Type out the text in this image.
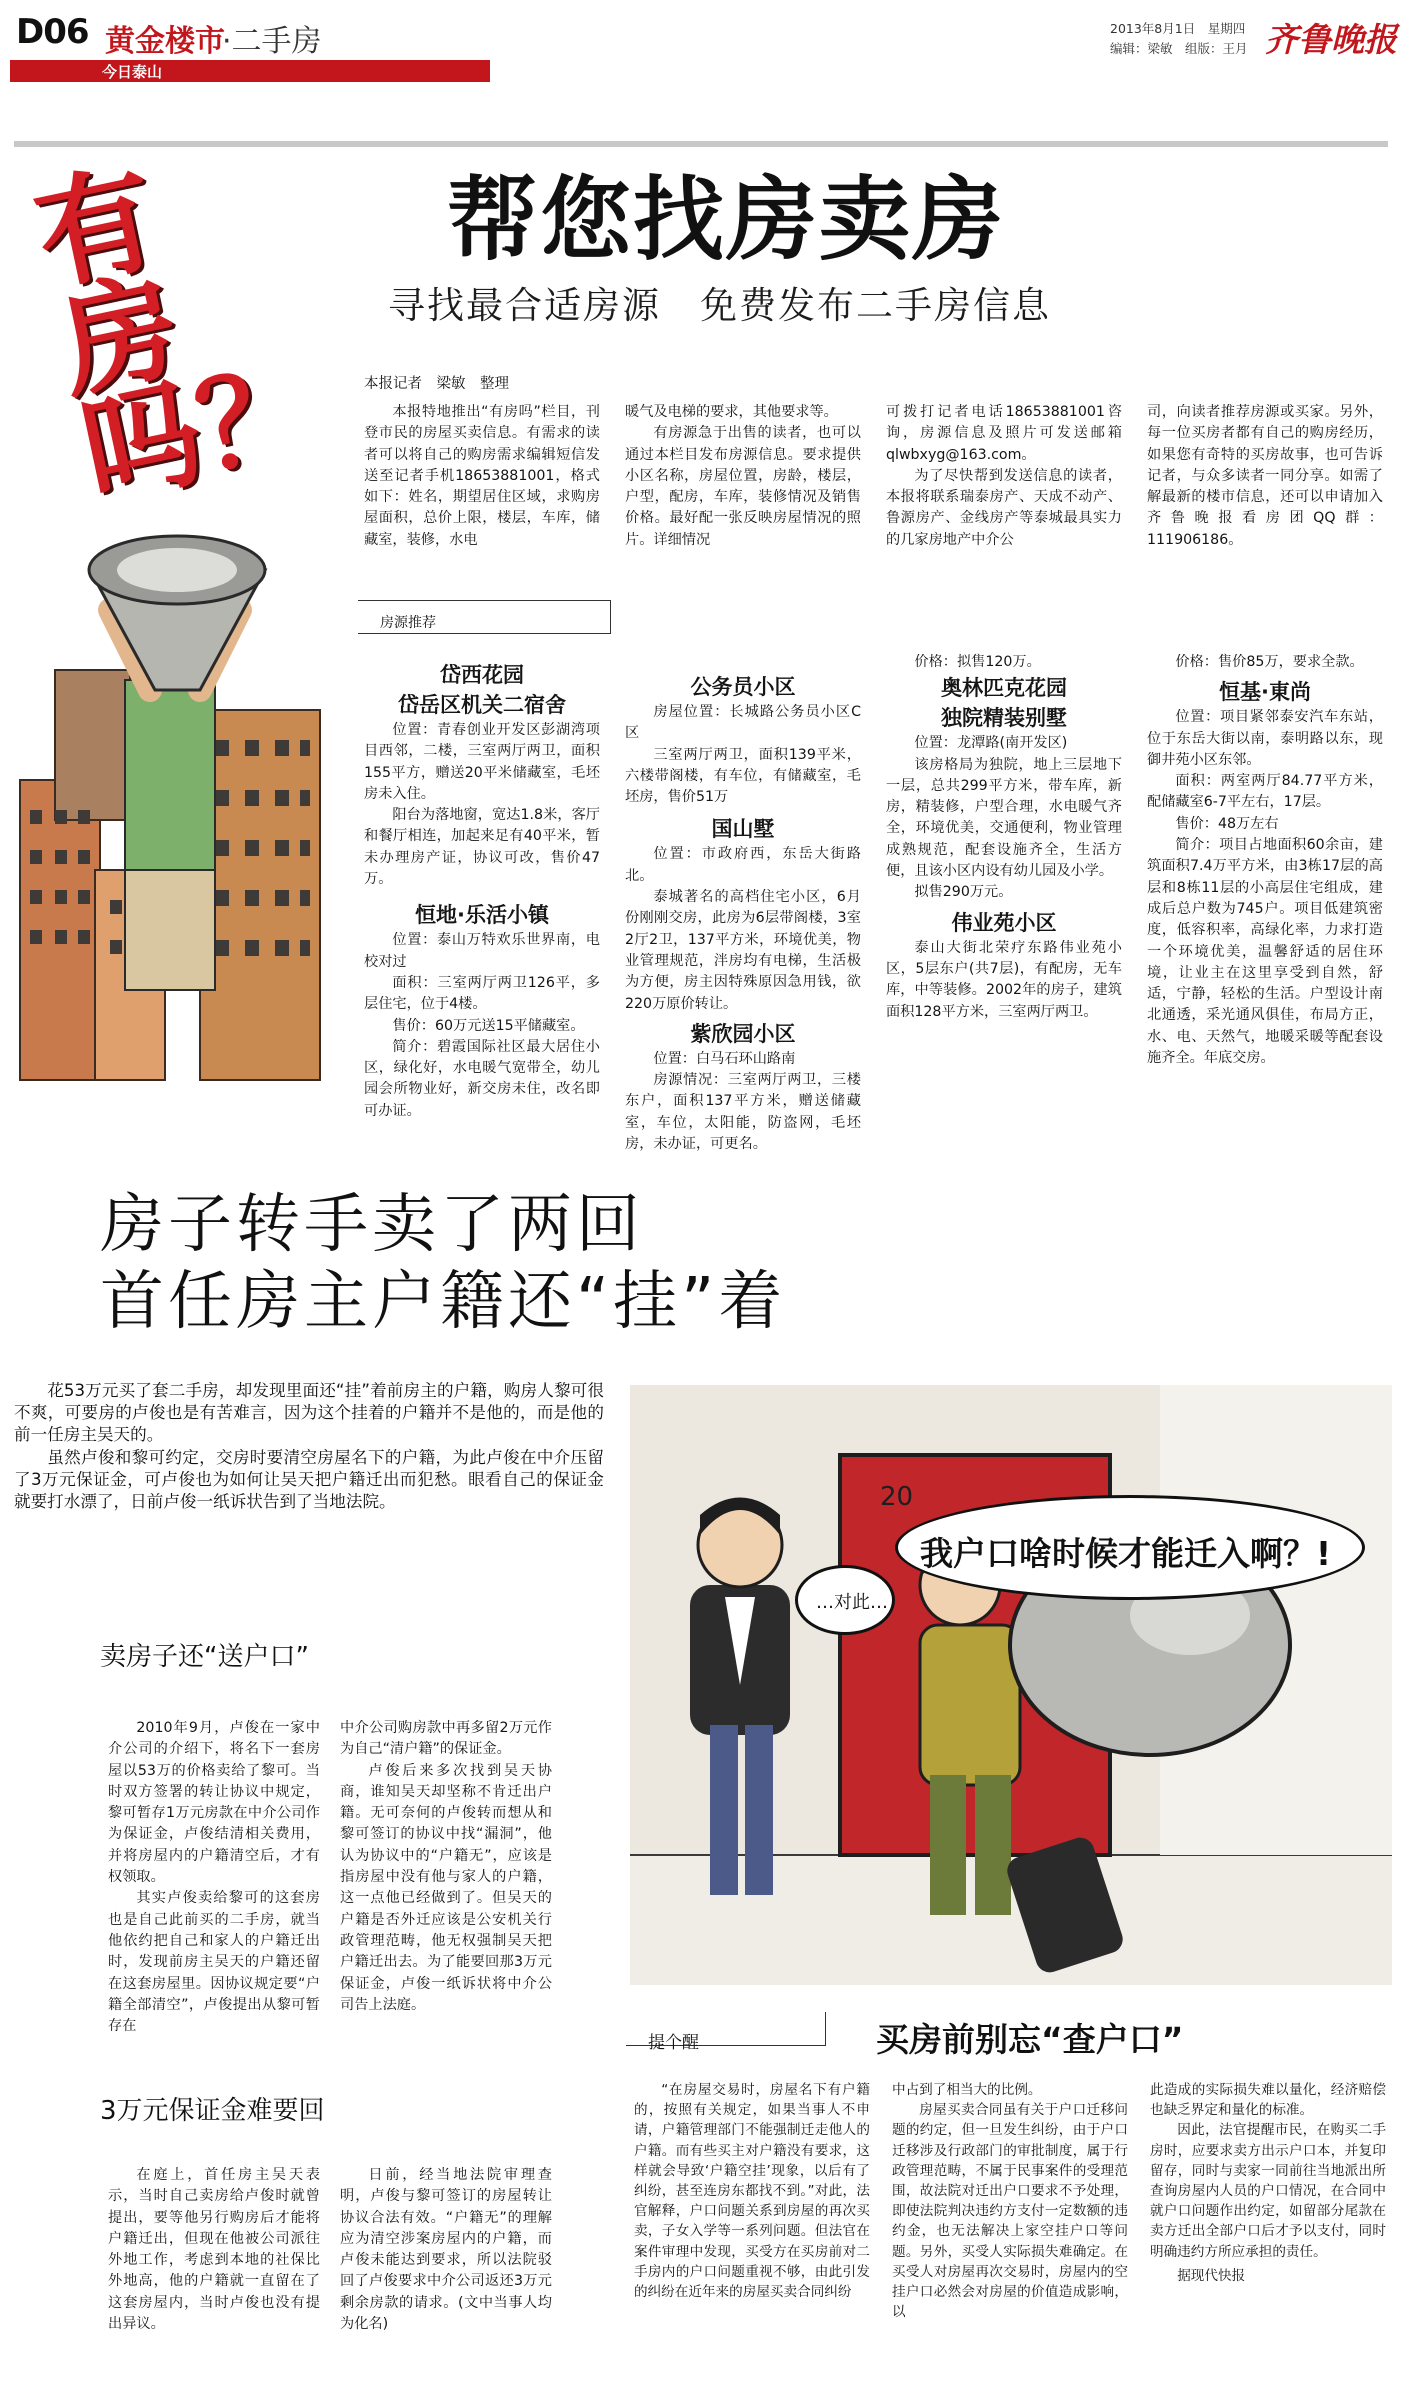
D06 黄金楼市
·二手房
今日泰山
2013年8月1日　星期四
编辑：梁敏　组版：王月 齐鲁晚报
有房吗？
帮您找房卖房
寻找最合适房源　免费发布二手房信息
本报记者　梁敏　整理

本报特地推出“有房吗”栏目，刊登市民的房屋买卖信息。有需求的读者可以将自己的购房需求编辑短信发送至记者手机18653881001，格式如下：姓名，期望居住区域，求购房屋面积，总价上限，楼层，车库，储藏室，装修，水电

暖气及电梯的要求，其他要求等。

有房源急于出售的读者，也可以通过本栏目发布房源信息。要求提供小区名称，房屋位置，房龄，楼层，户型，配房，车库，装修情况及销售价格。最好配一张反映房屋情况的照片。详细情况

可拨打记者电话18653881001咨询，房源信息及照片可发送邮箱qlwbxyg@163.com。

为了尽快帮到发送信息的读者，本报将联系瑞泰房产、天成不动产、鲁源房产、金线房产等泰城最具实力的几家房地产中介公

司，向读者推荐房源或买家。另外，每一位买房者都有自己的购房经历，如果您有奇特的买房故事，也可告诉记者，与众多读者一同分享。如需了解最新的楼市信息，还可以申请加入齐鲁晚报看房团QQ群：111906186。

房源推荐
岱西花园
岱岳区机关二宿舍

位置：青春创业开发区彭湖湾项目西邻，二楼，三室两厅两卫，面积155平方，赠送20平米储藏室，毛坯房未入住。

阳台为落地窗，宽达1.8米，客厅和餐厅相连，加起来足有40平米，暂未办理房产证，协议可改，售价47万。

恒地·乐活小镇

位置：泰山万特欢乐世界南，电校对过

面积：三室两厅两卫126平，多层住宅，位于4楼。

售价：60万元送15平储藏室。

简介：碧霞国际社区最大居住小区，绿化好，水电暖气宽带全，幼儿园会所物业好，新交房未住，改名即可办证。

公务员小区

房屋位置：长城路公务员小区C区

三室两厅两卫，面积139平米，六楼带阁楼，有车位，有储藏室，毛坯房，售价51万

国山墅

位置：市政府西，东岳大街路北。

泰城著名的高档住宅小区，6月份刚刚交房，此房为6层带阁楼，3室2厅2卫，137平方米，环境优美，物业管理规范，泮房均有电梯，生活极为方便，房主因特殊原因急用钱，欲220万原价转让。

紫欣园小区

位置：白马石环山路南

房源情况：三室两厅两卫，三楼东户，面积137平方米，赠送储藏室，车位，太阳能，防盗网，毛坯房，未办证，可更名。

价格：拟售120万。

奥林匹克花园
独院精装别墅

位置：龙潭路(南开发区)

该房格局为独院，地上三层地下一层，总共299平方米，带车库，新房，精装修，户型合理，水电暖气齐全，环境优美，交通便利，物业管理成熟规范，配套设施齐全，生活方便，且该小区内设有幼儿园及小学。

拟售290万元。

伟业苑小区

泰山大街北荣疗东路伟业苑小区，5层东户(共7层)，有配房，无车库，中等装修。2002年的房子，建筑面积128平方米，三室两厅两卫。

价格：售价85万，要求全款。

恒基·東尚

位置：项目紧邻泰安汽车东站，位于东岳大街以南，泰明路以东，现御井苑小区东邻。

面积：两室两厅84.77平方米，配储藏室6-7平左右，17层。

售价：48万左右

简介：项目占地面积60余亩，建筑面积7.4万平方米，由3栋17层的高层和8栋11层的小高层住宅组成，建成后总户数为745户。项目低建筑密度，低容积率，高绿化率，力求打造一个环境优美，温馨舒适的居住环境，让业主在这里享受到自然，舒适，宁静，轻松的生活。户型设计南北通透，采光通风俱佳，布局方正，水、电、天然气，地暖采暖等配套设施齐全。年底交房。

房子转手卖了两回
首任房主户籍还“挂”着

花53万元买了套二手房，却发现里面还“挂”着前房主的户籍，购房人黎可很不爽，可要房的卢俊也是有苦难言，因为这个挂着的户籍并不是他的，而是他的前一任房主吴天的。

虽然卢俊和黎可约定，交房时要清空房屋名下的户籍，为此卢俊在中介压留了3万元保证金，可卢俊也为如何让吴天把户籍迁出而犯愁。眼看自己的保证金就要打水漂了，日前卢俊一纸诉状告到了当地法院。

卖房子还“送户口”

2010年9月，卢俊在一家中介公司的介绍下，将名下一套房屋以53万的价格卖给了黎可。当时双方签署的转让协议中规定，黎可暂存1万元房款在中介公司作为保证金，卢俊结清相关费用，并将房屋内的户籍清空后，才有权领取。

其实卢俊卖给黎可的这套房也是自己此前买的二手房，就当他依约把自己和家人的户籍迁出时，发现前房主吴天的户籍还留在这套房屋里。因协议规定要“户籍全部清空”，卢俊提出从黎可暂存在

中介公司购房款中再多留2万元作为自己“清户籍”的保证金。

卢俊后来多次找到吴天协商，谁知吴天却坚称不肯迁出户籍。无可奈何的卢俊转而想从和黎可签订的协议中找“漏洞”，他认为协议中的“户籍无”，应该是指房屋中没有他与家人的户籍，这一点他已经做到了。但吴天的户籍是否外迁应该是公安机关行政管理范畴，他无权强制吴天把户籍迁出去。为了能要回那3万元保证金，卢俊一纸诉状将中介公司告上法庭。

3万元保证金难要回

在庭上，首任房主吴天表示，当时自己卖房给卢俊时就曾提出，要等他另行购房后才能将户籍迁出，但现在他被公司派往外地工作，考虑到本地的社保比外地高，他的户籍就一直留在了这套房屋内，当时卢俊也没有提出异议。

日前，经当地法院审理查明，卢俊与黎可签订的房屋转让协议合法有效。“户籍无”的理解应为清空涉案房屋内的户籍，而卢俊未能达到要求，所以法院驳回了卢俊要求中介公司返还3万元剩余房款的请求。(文中当事人均为化名)

20
我户口啥时候才能迁入啊？!
…对此…
提个醒	买房前别忘“查户口”

“在房屋交易时，房屋名下有户籍的，按照有关规定，如果当事人不申请，户籍管理部门不能强制迁走他人的户籍。而有些买主对户籍没有要求，这样就会导致‘户籍空挂’现象，以后有了纠纷，甚至连房东都找不到。”对此，法官解释，户口问题关系到房屋的再次买卖，子女入学等一系列问题。但法官在案件审理中发现，买受方在买房前对二手房内的户口问题重视不够，由此引发的纠纷在近年来的房屋买卖合同纠纷

中占到了相当大的比例。

房屋买卖合同虽有关于户口迁移问题的约定，但一旦发生纠纷，由于户口迁移涉及行政部门的审批制度，属于行政管理范畴，不属于民事案件的受理范围，故法院对迁出户口要求不予处理，即使法院判决违约方支付一定数额的违约金，也无法解决上家空挂户口等问题。另外，买受人实际损失难确定。在买受人对房屋再次交易时，房屋内的空挂户口必然会对房屋的价值造成影响，以

此造成的实际损失难以量化，经济赔偿也缺乏界定和量化的标准。

因此，法官提醒市民，在购买二手房时，应要求卖方出示户口本，并复印留存，同时与卖家一同前往当地派出所查询房屋内人员的户口情况，在合同中就户口问题作出约定，如留部分尾款在卖方迁出全部户口后才予以支付，同时明确违约方所应承担的责任。

据现代快报
